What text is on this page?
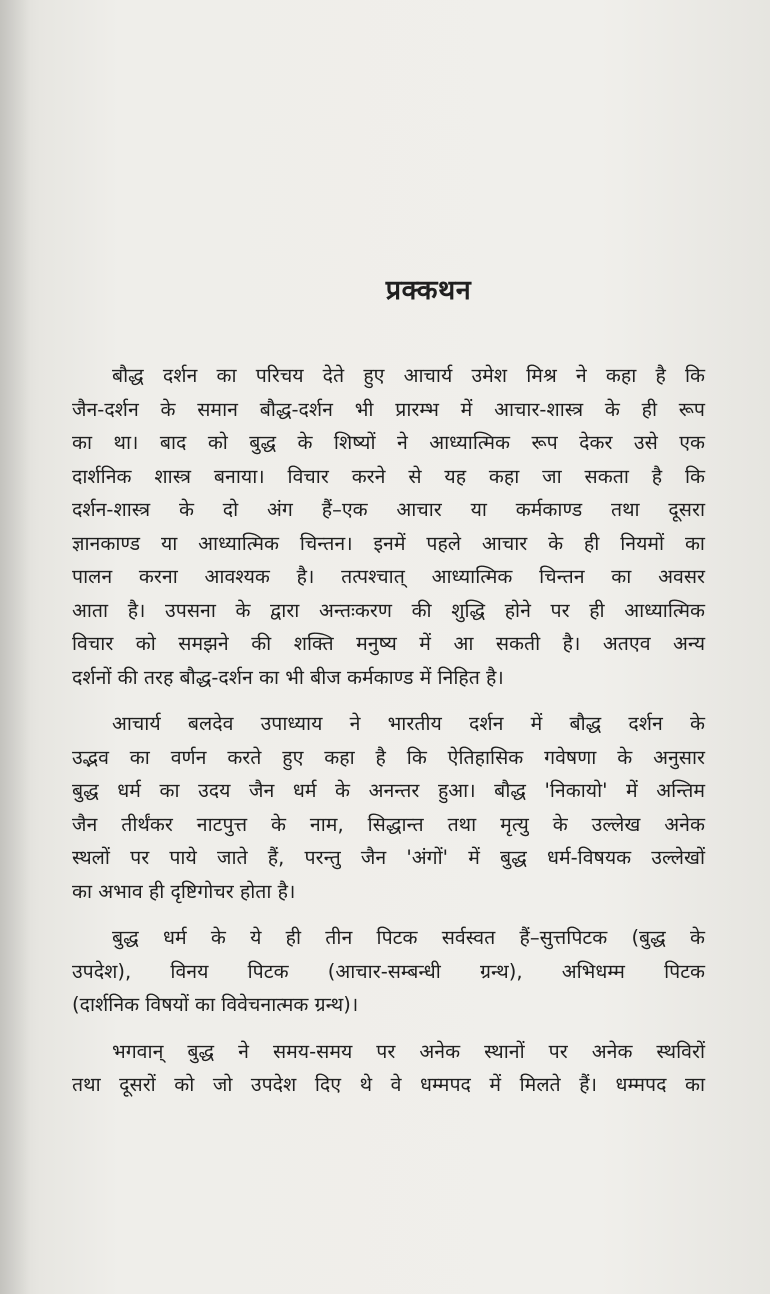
प्रक्कथन
बौद्ध दर्शन का परिचय देते हुए आचार्य उमेश मिश्र ने कहा है कि
जैन-दर्शन के समान बौद्ध-दर्शन भी प्रारम्भ में आचार-शास्त्र के ही रूप
का था। बाद को बुद्ध के शिष्यों ने आध्यात्मिक रूप देकर उसे एक
दार्शनिक शास्त्र बनाया। विचार करने से यह कहा जा सकता है कि
दर्शन-शास्त्र के दो अंग हैं–एक आचार या कर्मकाण्ड तथा दूसरा
ज्ञानकाण्ड या आध्यात्मिक चिन्तन। इनमें पहले आचार के ही नियमों का
पालन करना आवश्यक है। तत्पश्चात् आध्यात्मिक चिन्तन का अवसर
आता है। उपसना के द्वारा अन्तःकरण की शुद्धि होने पर ही आध्यात्मिक
विचार को समझने की शक्ति मनुष्य में आ सकती है। अतएव अन्य
दर्शनों की तरह बौद्ध-दर्शन का भी बीज कर्मकाण्ड में निहित है।
आचार्य बलदेव उपाध्याय ने भारतीय दर्शन में बौद्ध दर्शन के
उद्भव का वर्णन करते हुए कहा है कि ऐतिहासिक गवेषणा के अनुसार
बुद्ध धर्म का उदय जैन धर्म के अनन्तर हुआ। बौद्ध 'निकायो' में अन्तिम
जैन तीर्थंकर नाटपुत्त के नाम, सिद्धान्त तथा मृत्यु के उल्लेख अनेक
स्थलों पर पाये जाते हैं, परन्तु जैन 'अंगों' में बुद्ध धर्म-विषयक उल्लेखों
का अभाव ही दृष्टिगोचर होता है।
बुद्ध धर्म के ये ही तीन पिटक सर्वस्वत हैं–सुत्तपिटक (बुद्ध के
उपदेश), विनय पिटक (आचार-सम्बन्धी ग्रन्थ), अभिधम्म पिटक
(दार्शनिक विषयों का विवेचनात्मक ग्रन्थ)।
भगवान् बुद्ध ने समय-समय पर अनेक स्थानों पर अनेक स्थविरों
तथा दूसरों को जो उपदेश दिए थे वे धम्मपद में मिलते हैं। धम्मपद का
